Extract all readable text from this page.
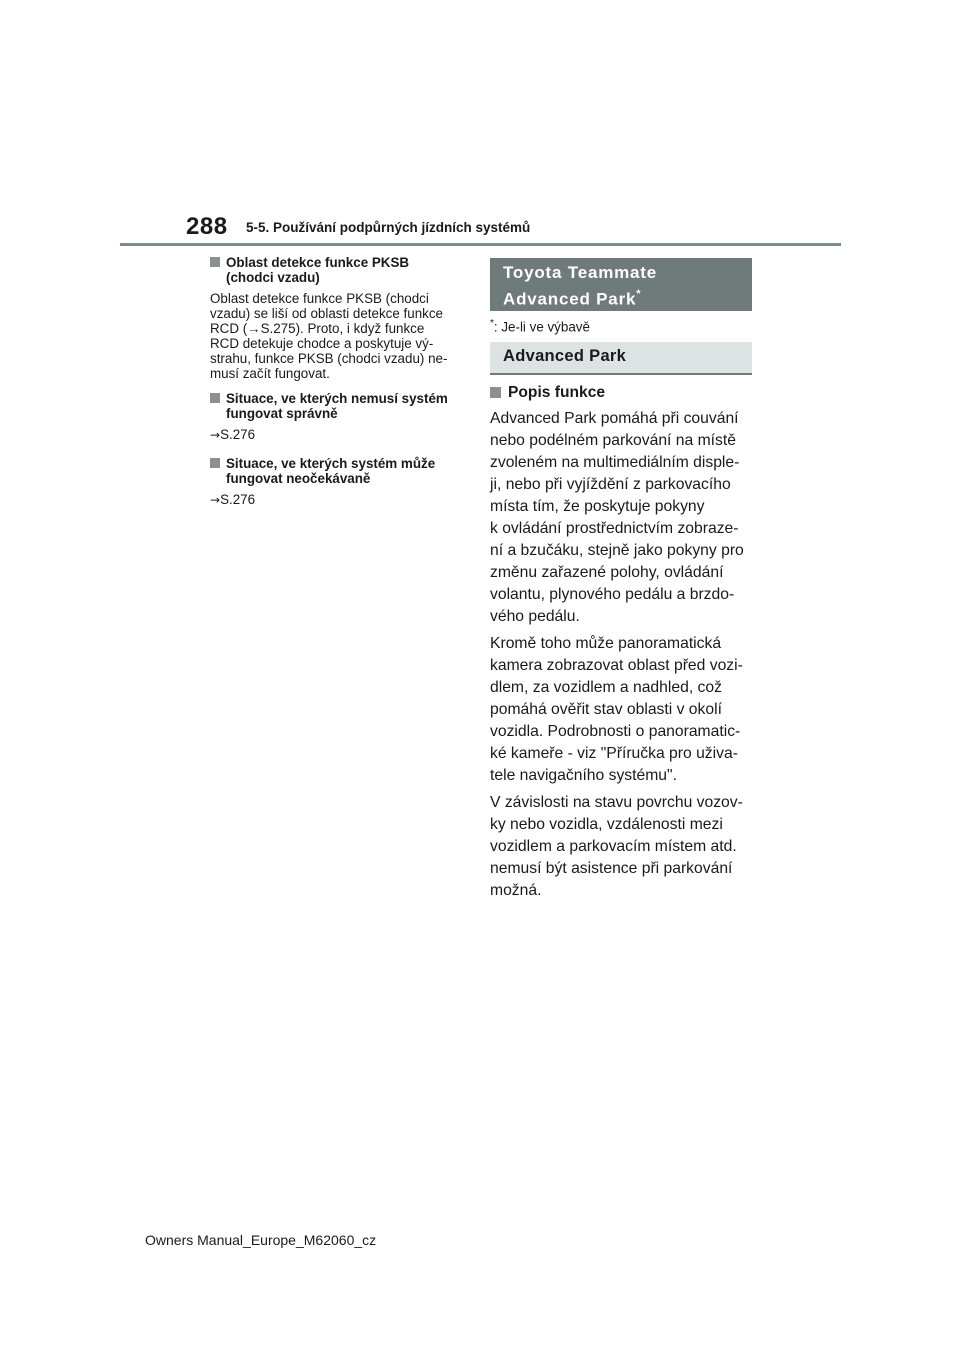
288 5-5. Používání podpůrných jízdních systémů
Oblast detekce funkce PKSB
(chodci vzadu)

Oblast detekce funkce PKSB (chodci
vzadu) se liší od oblasti detekce funkce
RCD (→S.275). Proto, i když funkce
RCD detekuje chodce a poskytuje vý-
strahu, funkce PKSB (chodci vzadu) ne-
musí začít fungovat.

Situace, ve kterých nemusí systém
fungovat správně
→S.276
Situace, ve kterých systém může
fungovat neočekávaně
→S.276
Toyota Teammate
Advanced Park*

*: Je-li ve výbavě

Advanced Park
Popis funkce

Advanced Park pomáhá při couvání
nebo podélném parkování na místě
zvoleném na multimediálním disple-
ji, nebo při vyjíždění z parkovacího
místa tím, že poskytuje pokyny
k ovládání prostřednictvím zobraze-
ní a bzučáku, stejně jako pokyny pro
změnu zařazené polohy, ovládání
volantu, plynového pedálu a brzdo-
vého pedálu.

Kromě toho může panoramatická
kamera zobrazovat oblast před vozi-
dlem, za vozidlem a nadhled, což
pomáhá ověřit stav oblasti v okolí
vozidla. Podrobnosti o panoramatic-
ké kameře - viz "Příručka pro uživa-
tele navigačního systému".

V závislosti na stavu povrchu vozov-
ky nebo vozidla, vzdálenosti mezi
vozidlem a parkovacím místem atd.
nemusí být asistence při parkování
možná.

Owners Manual_Europe_M62060_cz
